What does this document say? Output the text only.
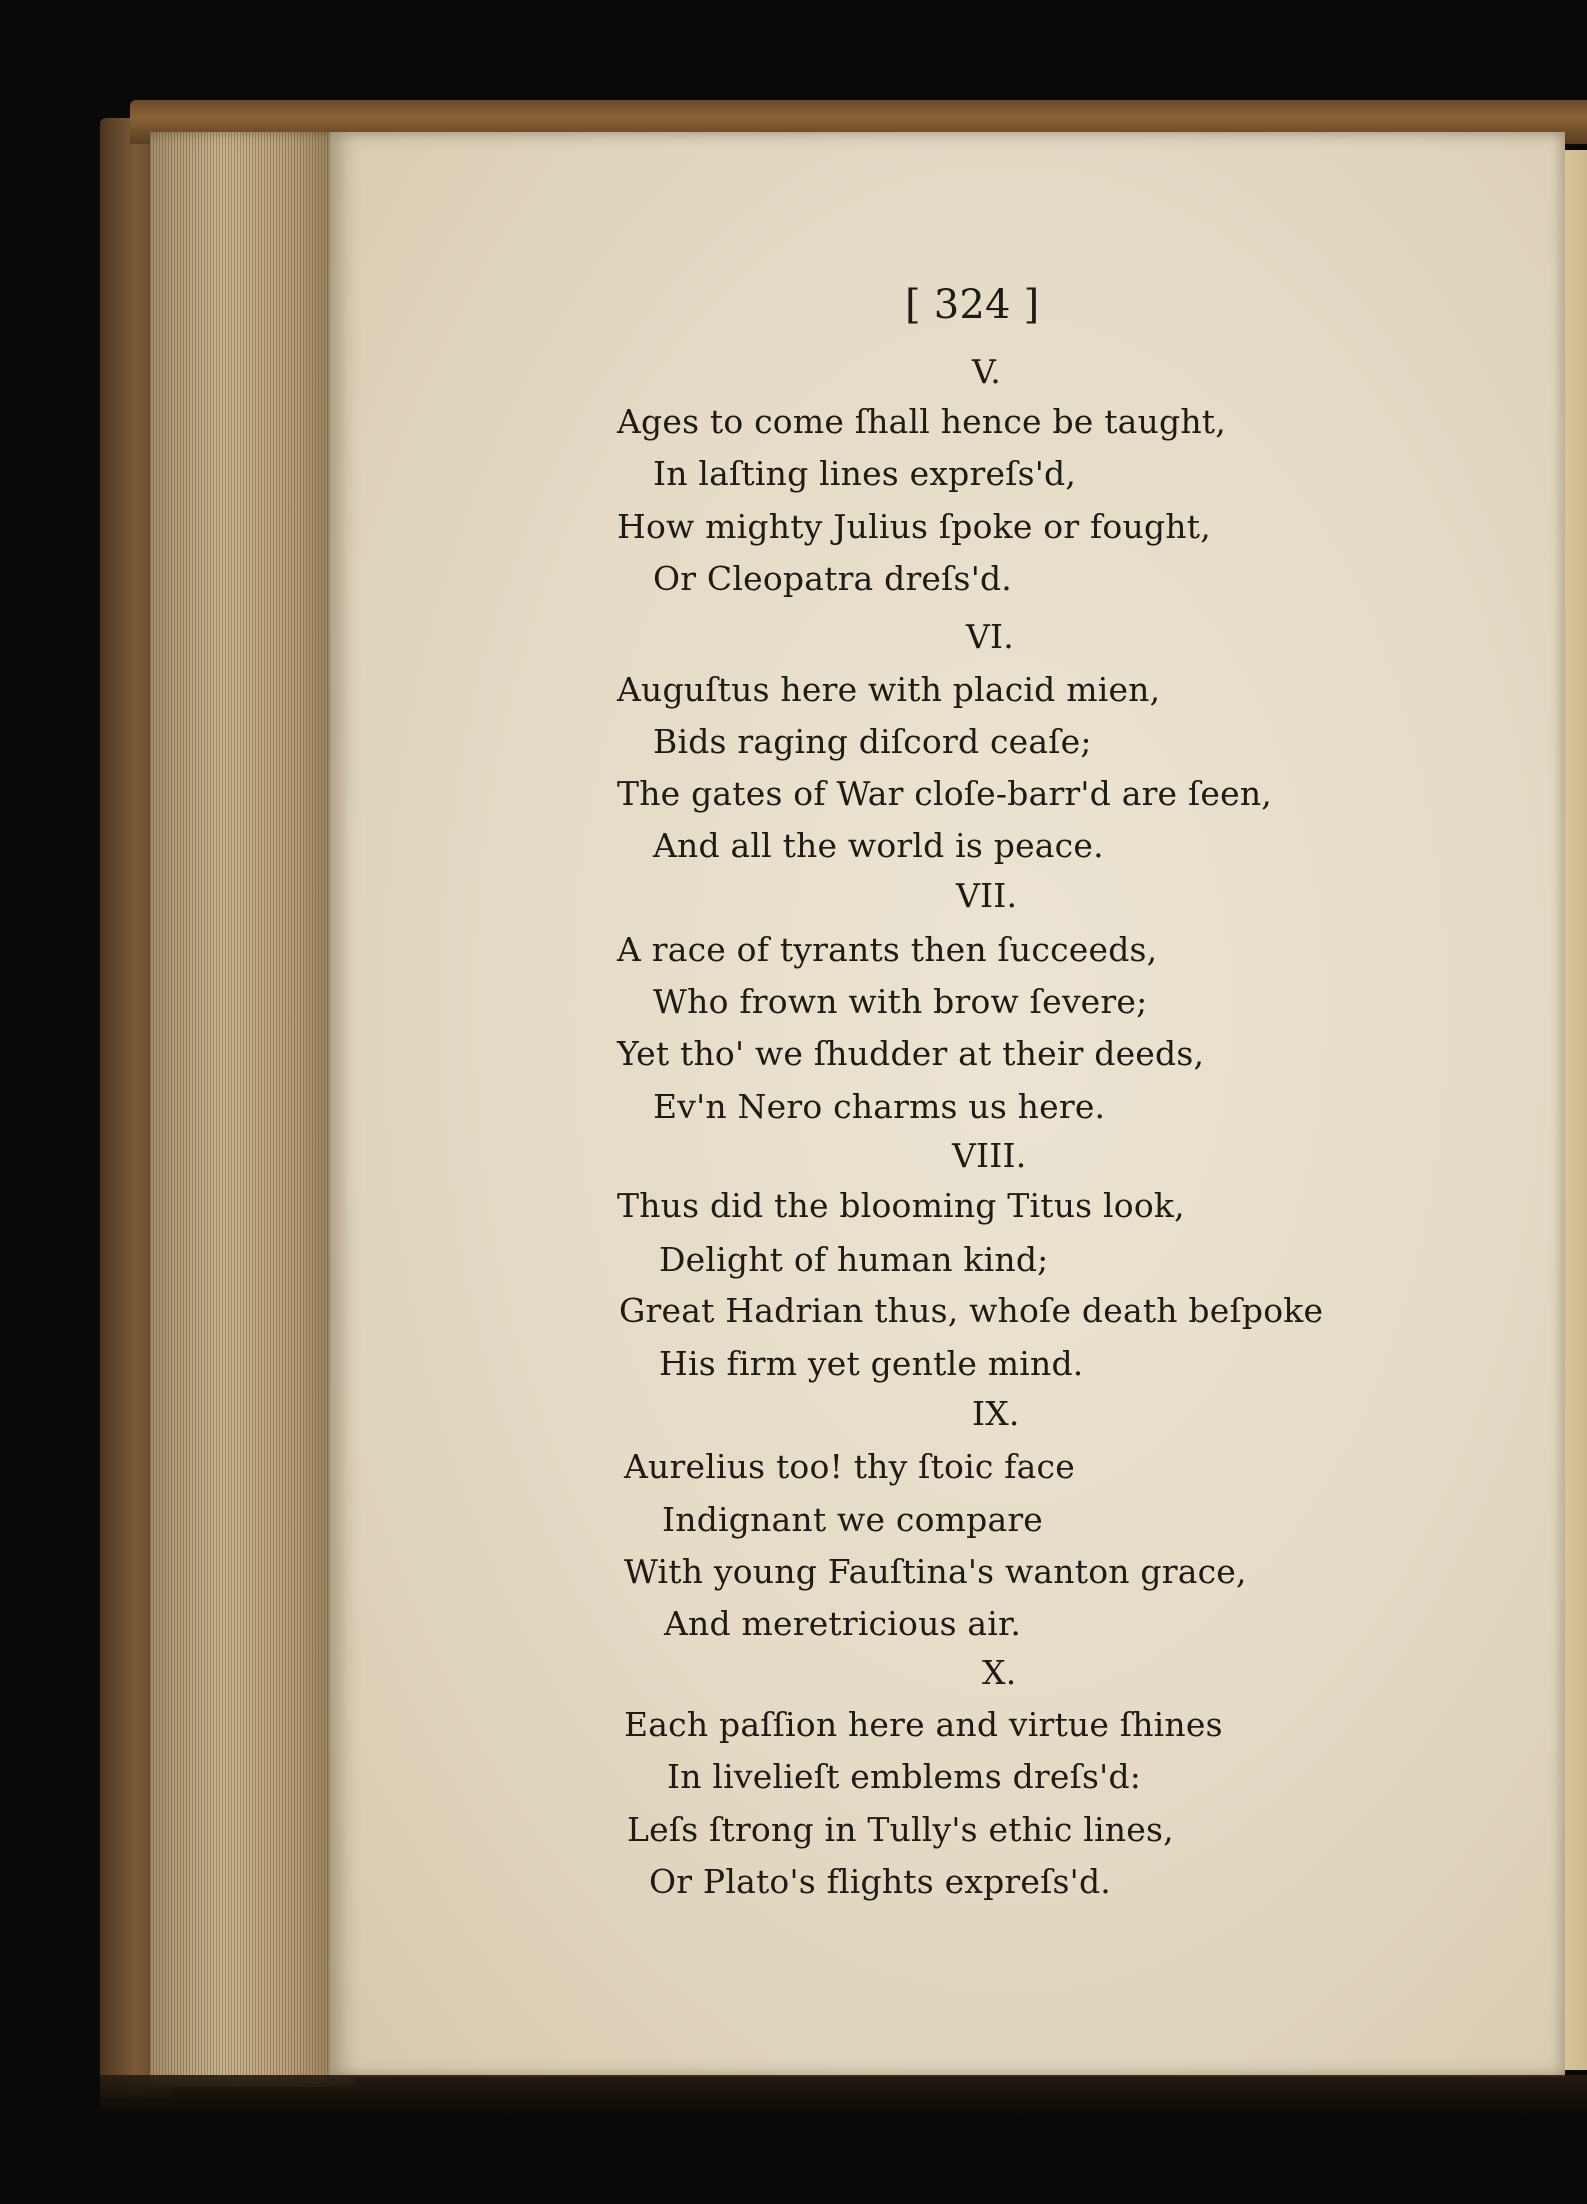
[ 324 ]
V.
Ages to come ſhall hence be taught,
In laſting lines expreſs'd,
How mighty Julius ſpoke or fought,
Or Cleopatra dreſs'd.
VI.
Auguſtus here with placid mien,
Bids raging diſcord ceaſe;
The gates of War cloſe-barr'd are ſeen,
And all the world is peace.
VII.
A race of tyrants then ſucceeds,
Who frown with brow ſevere;
Yet tho' we ſhudder at their deeds,
Ev'n Nero charms us here.
VIII.
Thus did the blooming Titus look,
Delight of human kind;
Great Hadrian thus, whoſe death beſpoke
His firm yet gentle mind.
IX.
Aurelius too! thy ſtoic face
Indignant we compare
With young Fauſtina's wanton grace,
And meretricious air.
X.
Each paſſion here and virtue ſhines
In livelieſt emblems dreſs'd:
Leſs ſtrong in Tully's ethic lines,
Or Plato's flights expreſs'd.
